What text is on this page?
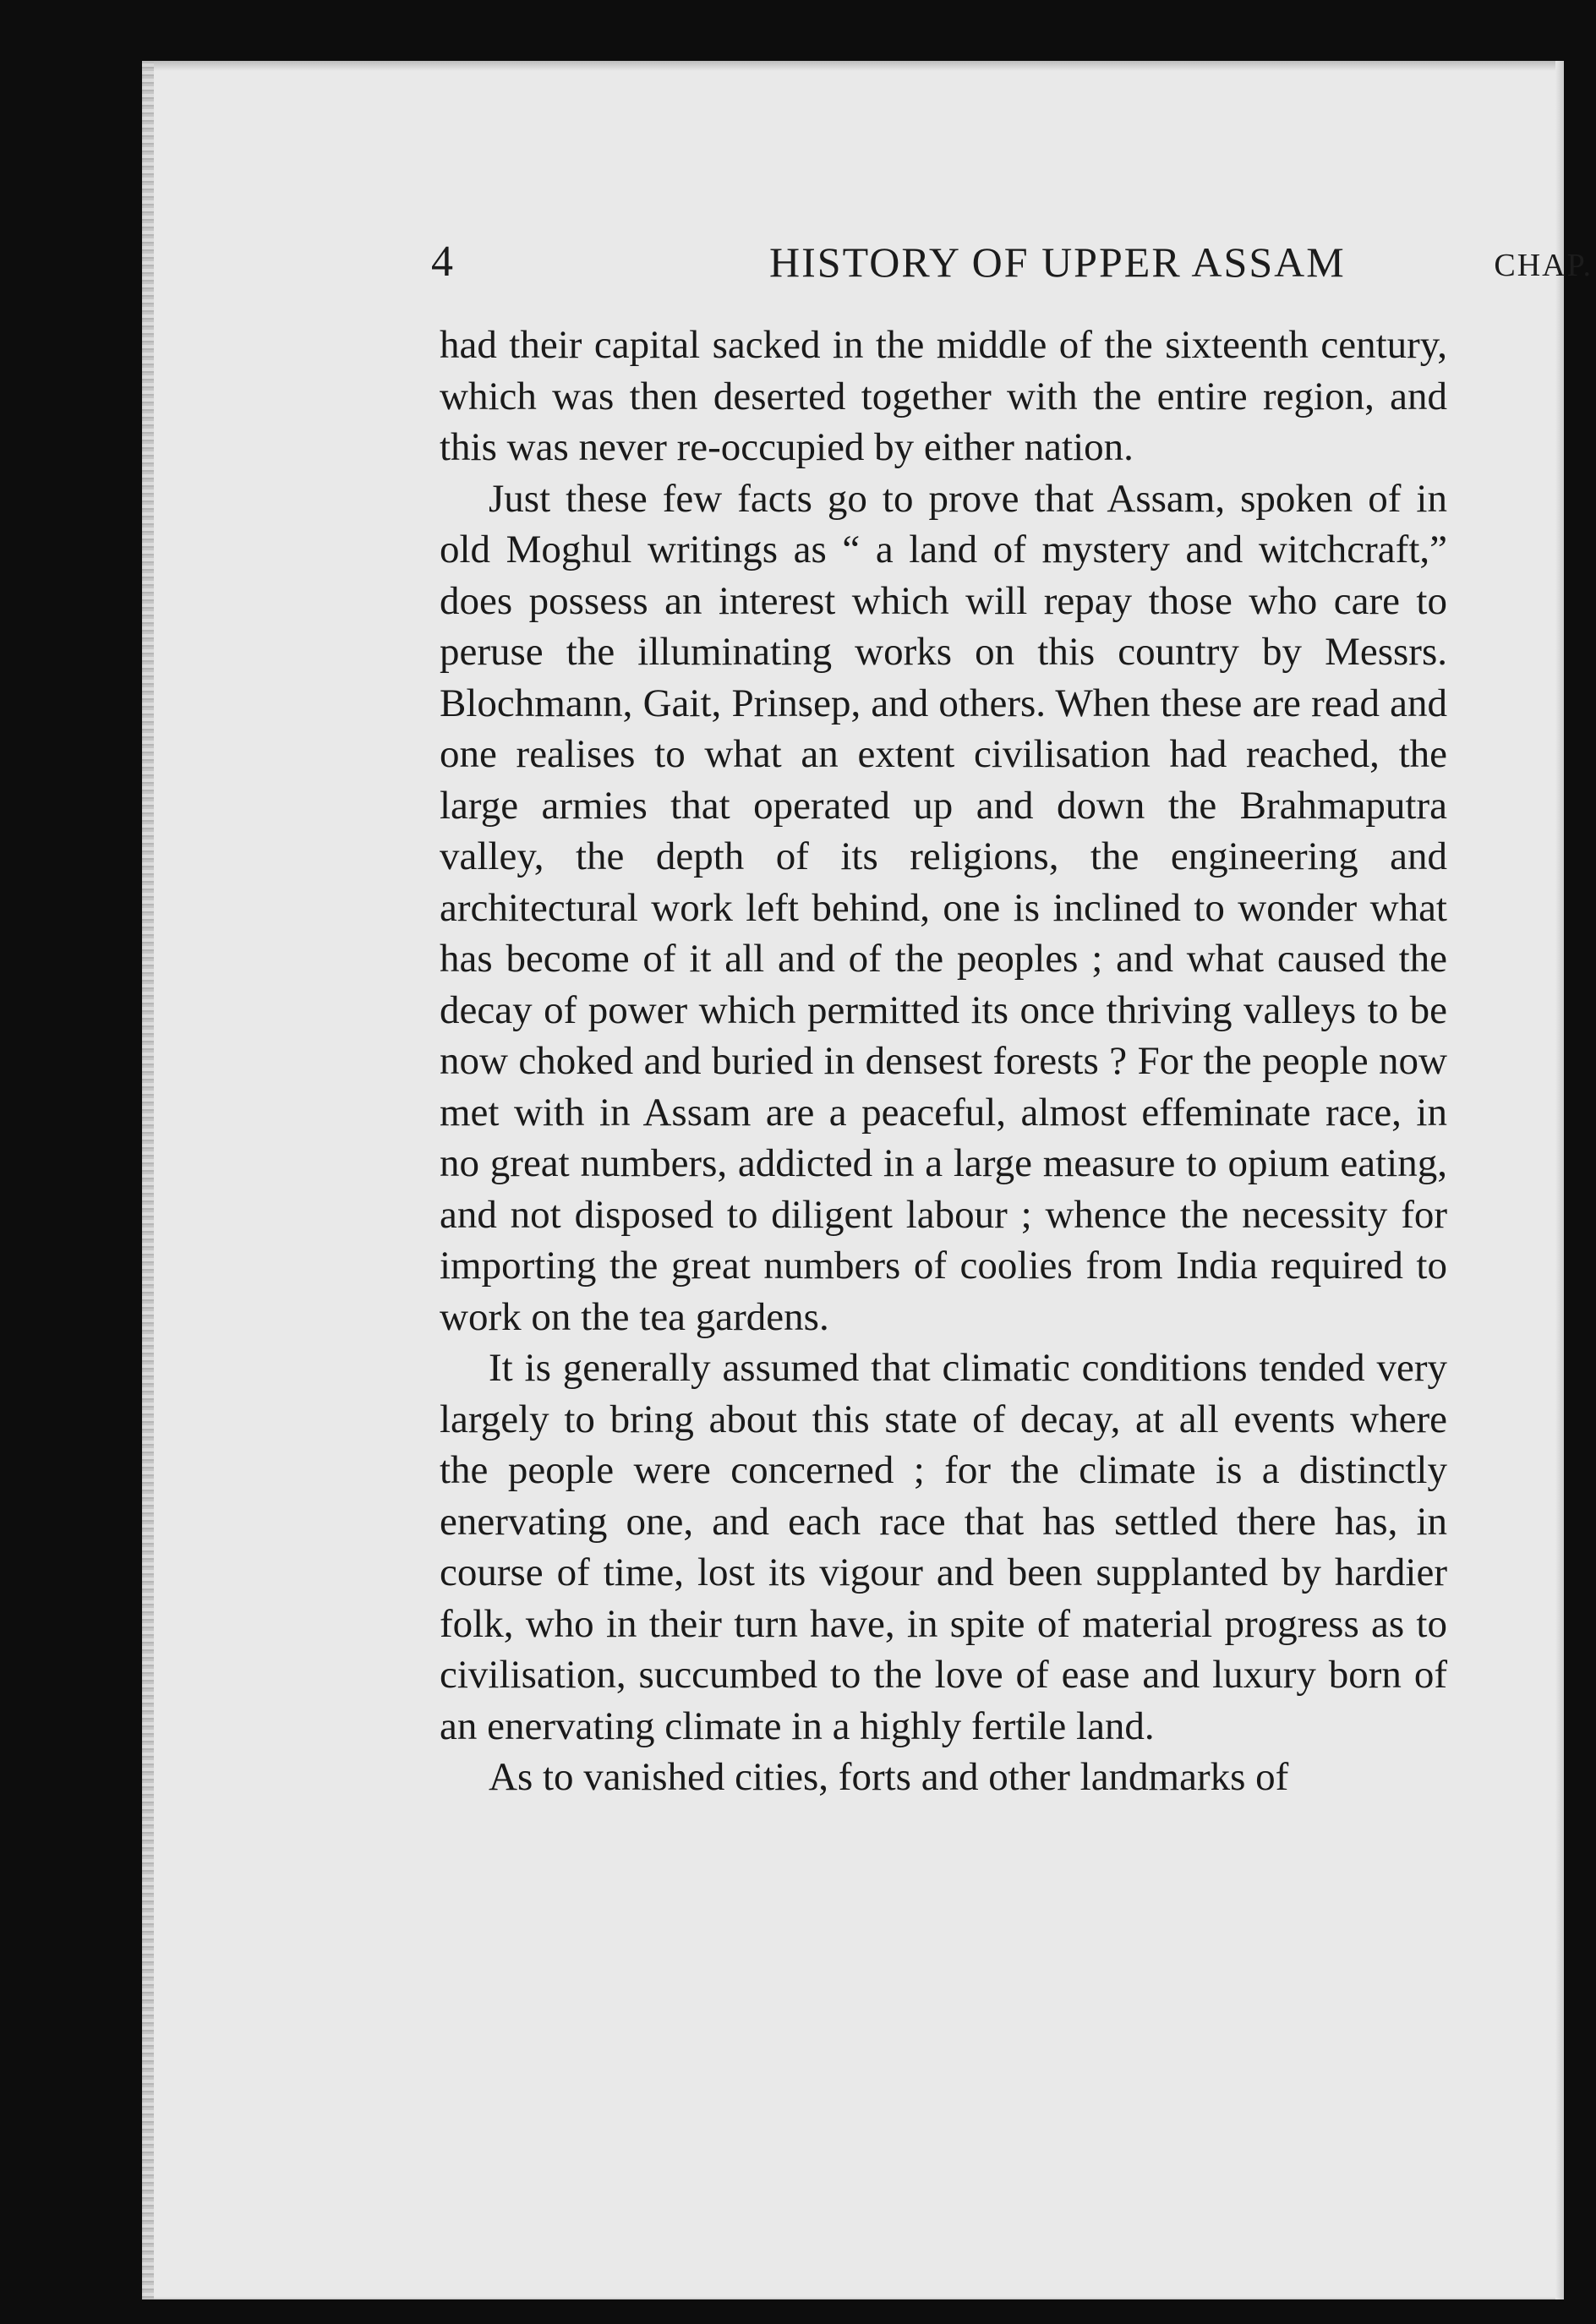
4	HISTORY OF UPPER ASSAM	CHAP.

had their capital sacked in the middle of the sixteenth century, which was then deserted together with the entire region, and this was never re-occupied by either nation.

Just these few facts go to prove that Assam, spoken of in old Moghul writings as “ a land of mystery and witchcraft,” does possess an interest which will repay those who care to peruse the illuminating works on this country by Messrs. Blochmann, Gait, Prinsep, and others. When these are read and one realises to what an extent civilisation had reached, the large armies that operated up and down the Brahmaputra valley, the depth of its religions, the engineering and architectural work left behind, one is inclined to wonder what has become of it all and of the peoples ; and what caused the decay of power which permitted its once thriving valleys to be now choked and buried in densest forests ? For the people now met with in Assam are a peaceful, almost effeminate race, in no great numbers, addicted in a large measure to opium eating, and not disposed to diligent labour ; whence the necessity for importing the great numbers of coolies from India required to work on the tea gardens.

It is generally assumed that climatic conditions tended very largely to bring about this state of decay, at all events where the people were concerned ; for the climate is a distinctly enervating one, and each race that has settled there has, in course of time, lost its vigour and been supplanted by hardier folk, who in their turn have, in spite of material progress as to civilisation, succumbed to the love of ease and luxury born of an enervating climate in a highly fertile land.

As to vanished cities, forts and other landmarks of
